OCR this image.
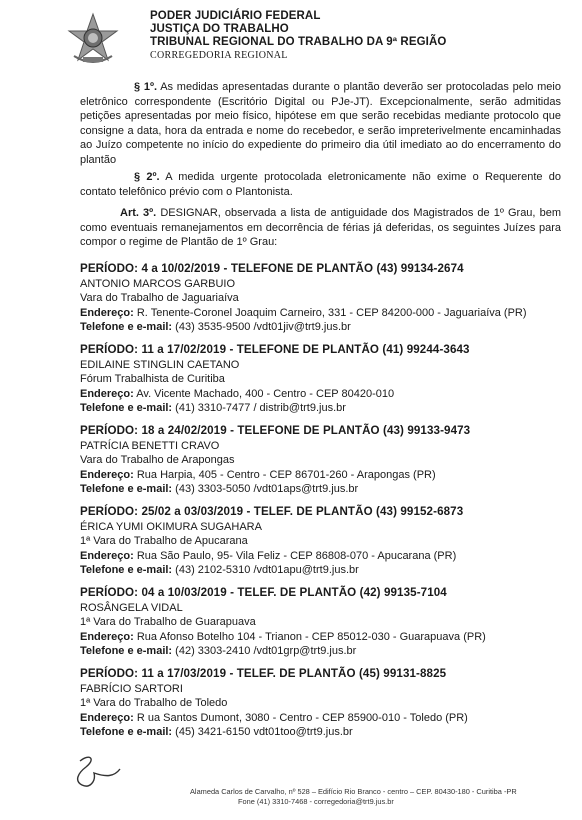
PODER JUDICIÁRIO FEDERAL
JUSTIÇA DO TRABALHO
TRIBUNAL REGIONAL DO TRABALHO DA 9ª REGIÃO
CORREGEDORIA REGIONAL
§ 1º. As medidas apresentadas durante o plantão deverão ser protocoladas pelo meio eletrônico correspondente (Escritório Digital ou PJe-JT). Excepcionalmente, serão admitidas petições apresentadas por meio físico, hipótese em que serão recebidas mediante protocolo que consigne a data, hora da entrada e nome do recebedor, e serão impreterivelmente encaminhadas ao Juízo competente no início do expediente do primeiro dia útil imediato ao do encerramento do plantão
§ 2º. A medida urgente protocolada eletronicamente não exime o Requerente do contato telefônico prévio com o Plantonista.
Art. 3º. DESIGNAR, observada a lista de antiguidade dos Magistrados de 1º Grau, bem como eventuais remanejamentos em decorrência de férias já deferidas, os seguintes Juízes para compor o regime de Plantão de 1º Grau:
PERÍODO: 4 a 10/02/2019 - TELEFONE DE PLANTÃO (43) 99134-2674
ANTONIO MARCOS GARBUIO
Vara do Trabalho de Jaguariaíva
Endereço: R. Tenente-Coronel Joaquim Carneiro, 331 - CEP 84200-000 - Jaguariaíva (PR)
Telefone e e-mail: (43) 3535-9500 /vdt01jiv@trt9.jus.br
PERÍODO: 11 a 17/02/2019 - TELEFONE DE PLANTÃO (41) 99244-3643
EDILAINE STINGLIN CAETANO
Fórum Trabalhista de Curitiba
Endereço: Av. Vicente Machado, 400 - Centro - CEP 80420-010
Telefone e e-mail: (41) 3310-7477 / distrib@trt9.jus.br
PERÍODO: 18 a 24/02/2019 - TELEFONE DE PLANTÃO (43) 99133-9473
PATRÍCIA BENETTI CRAVO
Vara do Trabalho de Arapongas
Endereço: Rua Harpia, 405 - Centro - CEP 86701-260 - Arapongas (PR)
Telefone e e-mail: (43) 3303-5050 /vdt01aps@trt9.jus.br
PERÍODO: 25/02 a 03/03/2019 - TELEF. DE PLANTÃO (43) 99152-6873
ÉRICA YUMI OKIMURA SUGAHARA
1ª Vara do Trabalho de Apucarana
Endereço: Rua São Paulo, 95- Vila Feliz - CEP 86808-070 - Apucarana (PR)
Telefone e e-mail: (43) 2102-5310 /vdt01apu@trt9.jus.br
PERÍODO: 04 a 10/03/2019 - TELEF. DE PLANTÃO (42) 99135-7104
ROSÂNGELA VIDAL
1ª Vara do Trabalho de Guarapuava
Endereço: Rua Afonso Botelho 104 - Trianon - CEP 85012-030 - Guarapuava (PR)
Telefone e e-mail: (42) 3303-2410 /vdt01grp@trt9.jus.br
PERÍODO: 11 a 17/03/2019 - TELEF. DE PLANTÃO (45) 99131-8825
FABRÍCIO SARTORI
1ª Vara do Trabalho de Toledo
Endereço: R ua Santos Dumont, 3080 - Centro - CEP 85900-010 - Toledo (PR)
Telefone e e-mail: (45) 3421-6150 vdt01too@trt9.jus.br
Alameda Carlos de Carvalho, nº 528 – Edifício Rio Branco - centro – CEP. 80430-180 - Curitiba -PR
Fone (41) 3310-7468 - corregedoria@trt9.jus.br
